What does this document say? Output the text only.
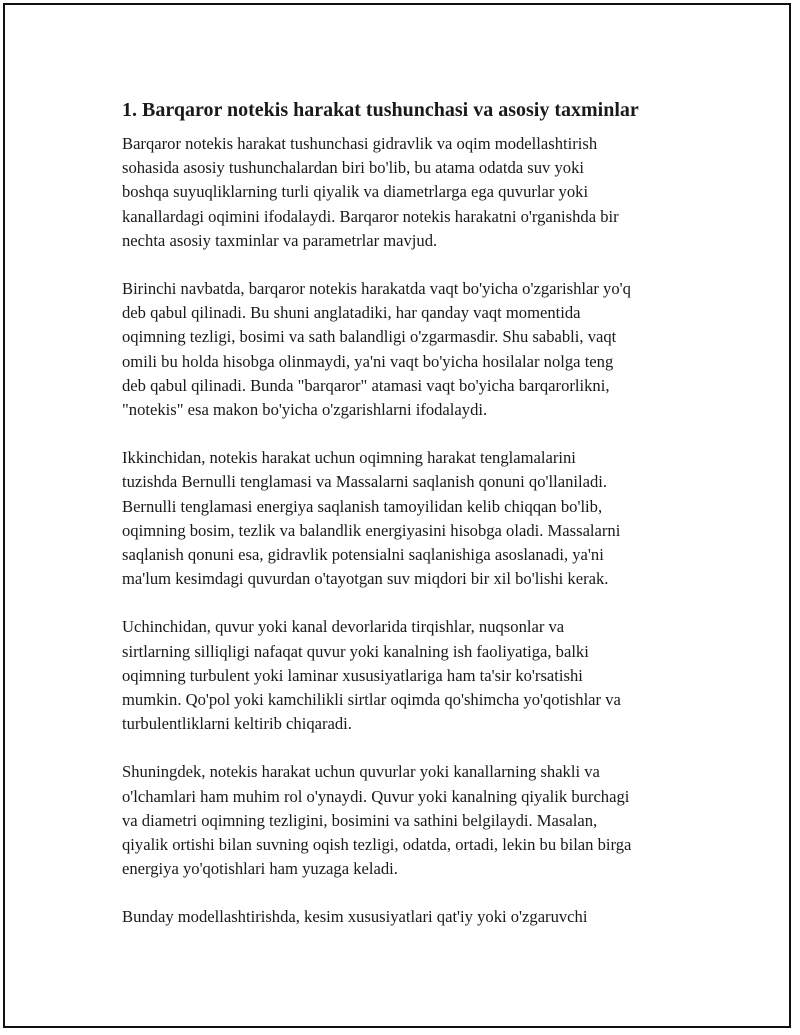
1. Barqaror notekis harakat tushunchasi va asosiy taxminlar

Barqaror notekis harakat tushunchasi gidravlik va oqim modellashtirish
sohasida asosiy tushunchalardan biri bo'lib, bu atama odatda suv yoki
boshqa suyuqliklarning turli qiyalik va diametrlarga ega quvurlar yoki
kanallardagi oqimini ifodalaydi. Barqaror notekis harakatni o'rganishda bir
nechta asosiy taxminlar va parametrlar mavjud.

Birinchi navbatda, barqaror notekis harakatda vaqt bo'yicha o'zgarishlar yo'q
deb qabul qilinadi. Bu shuni anglatadiki, har qanday vaqt momentida
oqimning tezligi, bosimi va sath balandligi o'zgarmasdir. Shu sababli, vaqt
omili bu holda hisobga olinmaydi, ya'ni vaqt bo'yicha hosilalar nolga teng
deb qabul qilinadi. Bunda "barqaror" atamasi vaqt bo'yicha barqarorlikni,
"notekis" esa makon bo'yicha o'zgarishlarni ifodalaydi.

Ikkinchidan, notekis harakat uchun oqimning harakat tenglamalarini
tuzishda Bernulli tenglamasi va Massalarni saqlanish qonuni qo'llaniladi.
Bernulli tenglamasi energiya saqlanish tamoyilidan kelib chiqqan bo'lib,
oqimning bosim, tezlik va balandlik energiyasini hisobga oladi. Massalarni
saqlanish qonuni esa, gidravlik potensialni saqlanishiga asoslanadi, ya'ni
ma'lum kesimdagi quvurdan o'tayotgan suv miqdori bir xil bo'lishi kerak.

Uchinchidan, quvur yoki kanal devorlarida tirqishlar, nuqsonlar va
sirtlarning silliqligi nafaqat quvur yoki kanalning ish faoliyatiga, balki
oqimning turbulent yoki laminar xususiyatlariga ham ta'sir ko'rsatishi
mumkin. Qo'pol yoki kamchilikli sirtlar oqimda qo'shimcha yo'qotishlar va
turbulentliklarni keltirib chiqaradi.

Shuningdek, notekis harakat uchun quvurlar yoki kanallarning shakli va
o'lchamlari ham muhim rol o'ynaydi. Quvur yoki kanalning qiyalik burchagi
va diametri oqimning tezligini, bosimini va sathini belgilaydi. Masalan,
qiyalik ortishi bilan suvning oqish tezligi, odatda, ortadi, lekin bu bilan birga
energiya yo'qotishlari ham yuzaga keladi.

Bunday modellashtirishda, kesim xususiyatlari qat'iy yoki o'zgaruvchi
